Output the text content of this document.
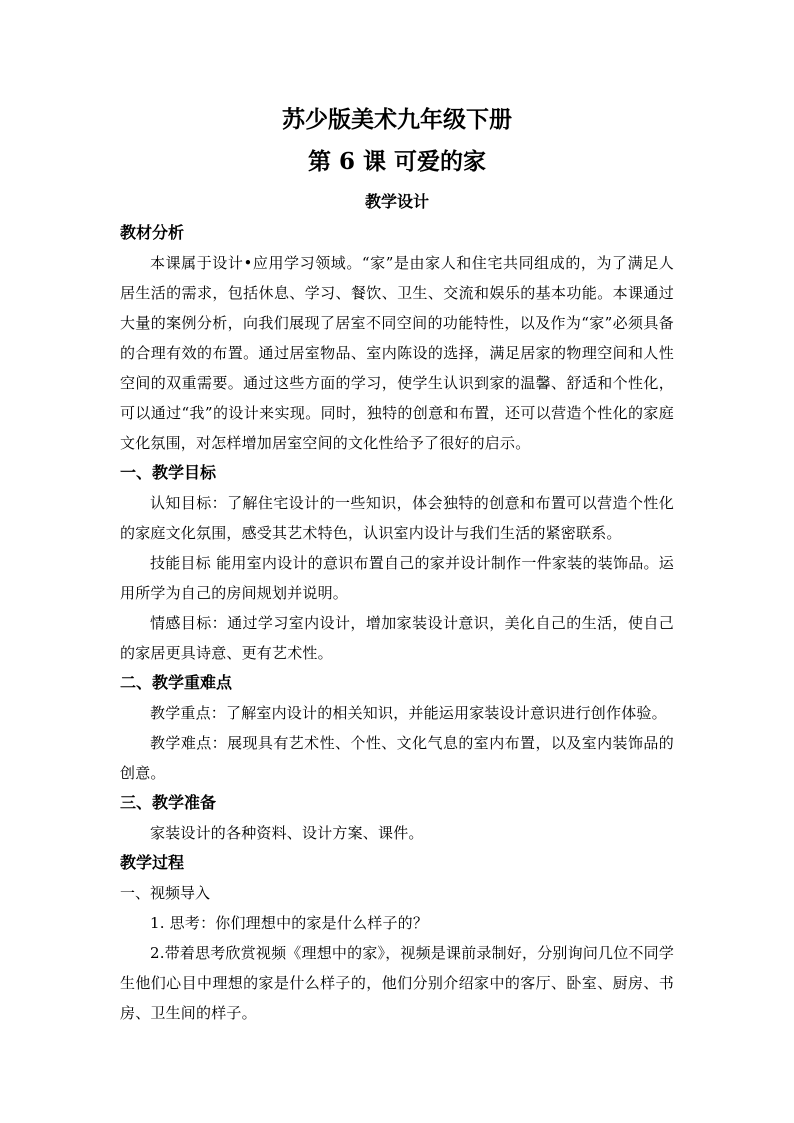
苏少版美术九年级下册
第 6 课 可爱的家
教学设计
教材分析

本课属于设计•应用学习领域。“家”是由家人和住宅共同组成的，为了满足人居生活的需求，包括休息、学习、餐饮、卫生、交流和娱乐的基本功能。本课通过大量的案例分析，向我们展现了居室不同空间的功能特性，以及作为“家”必须具备的合理有效的布置。通过居室物品、室内陈设的选择，满足居家的物理空间和人性空间的双重需要。通过这些方面的学习，使学生认识到家的温馨、舒适和个性化，可以通过“我”的设计来实现。同时，独特的创意和布置，还可以营造个性化的家庭文化氛围，对怎样增加居室空间的文化性给予了很好的启示。

一、教学目标

认知目标：了解住宅设计的一些知识，体会独特的创意和布置可以营造个性化的家庭文化氛围，感受其艺术特色，认识室内设计与我们生活的紧密联系。

技能目标 能用室内设计的意识布置自己的家并设计制作一件家装的装饰品。运用所学为自己的房间规划并说明。

情感目标：通过学习室内设计，增加家装设计意识，美化自己的生活，使自己的家居更具诗意、更有艺术性。

二、教学重难点

教学重点：了解室内设计的相关知识，并能运用家装设计意识进行创作体验。

教学难点：展现具有艺术性、个性、文化气息的室内布置，以及室内装饰品的创意。

三、教学准备

家装设计的各种资料、设计方案、课件。

教学过程

一、视频导入

1. 思考：你们理想中的家是什么样子的？

2.带着思考欣赏视频《理想中的家》，视频是课前录制好，分别询问几位不同学生他们心目中理想的家是什么样子的，他们分别介绍家中的客厅、卧室、厨房、书房、卫生间的样子。
